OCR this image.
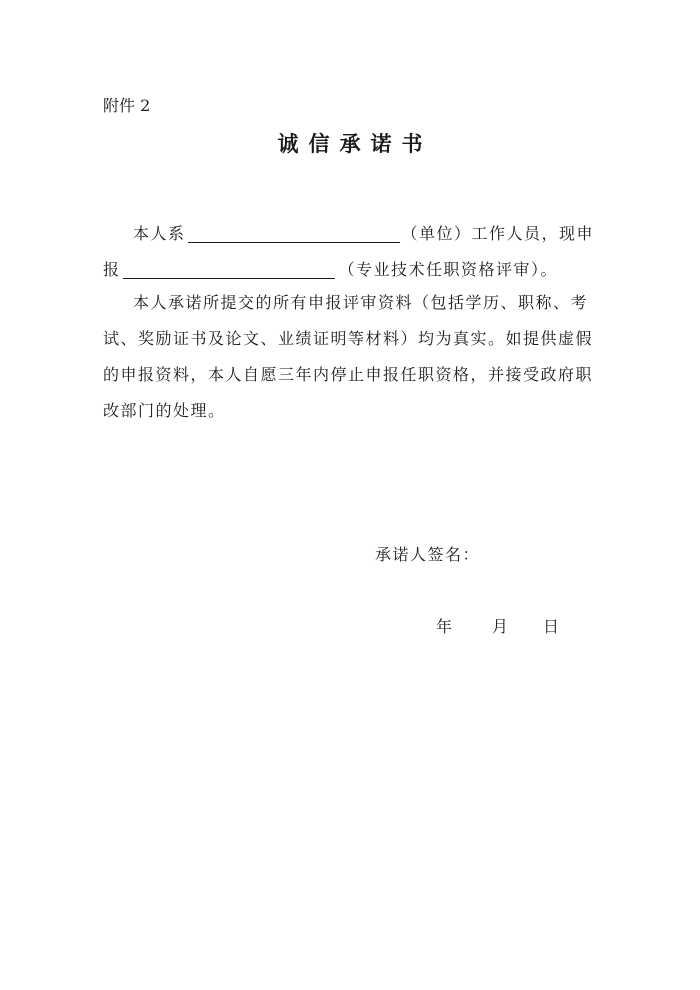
附件 2
诚信承诺书
本人系	（单位）工作人员，现申
报	（专业技术任职资格评审）。
本人承诺所提交的所有申报评审资料（包括学历、职称、考
试、奖励证书及论文、业绩证明等材料）均为真实。如提供虚假
的申报资料，本人自愿三年内停止申报任职资格，并接受政府职
改部门的处理。
承诺人签名：
年 月 日
